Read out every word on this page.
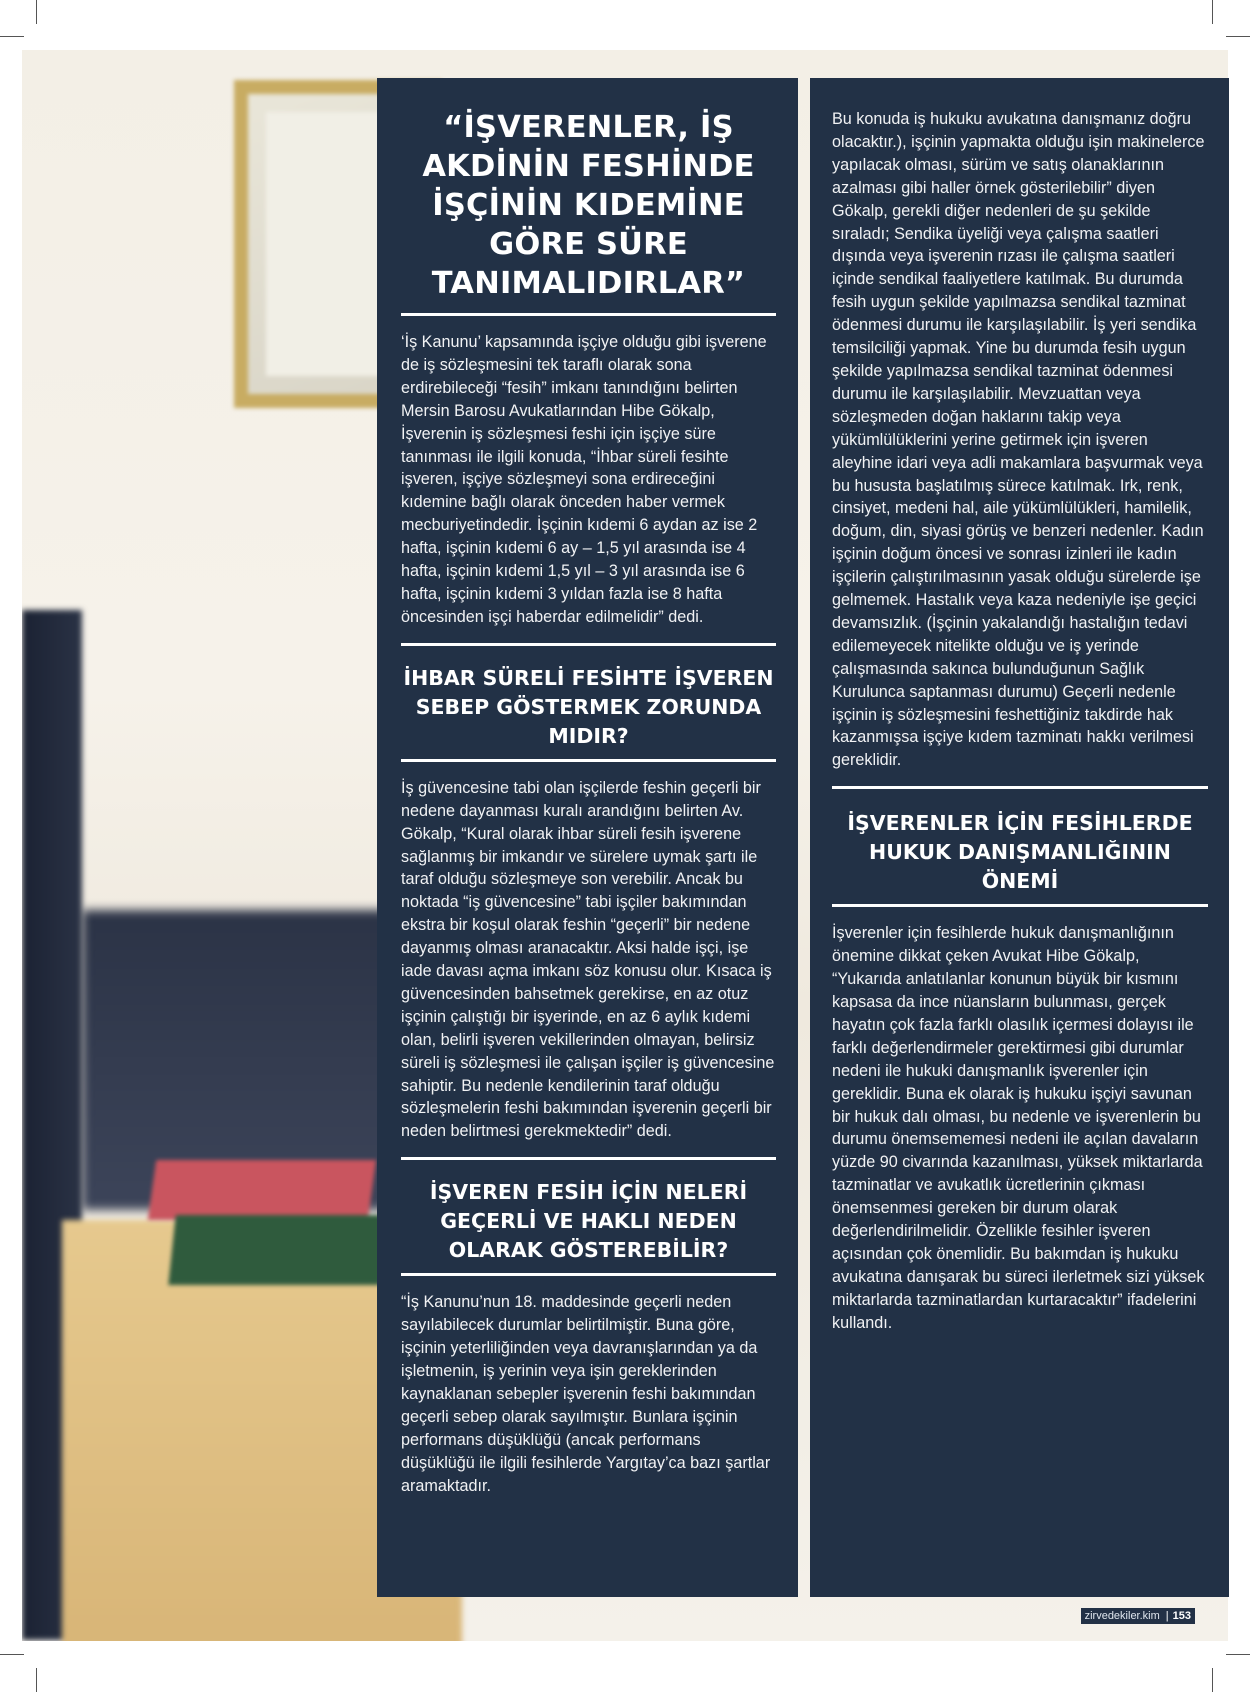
“İŞVERENLER, İŞ AKDİNİN FESHİNDE İŞÇİNİN KIDEMİNE GÖRE SÜRE TANIMALIDIRLAR”

‘İş Kanunu’ kapsamında işçiye olduğu gibi işverene de iş sözleşmesini tek taraflı olarak sona erdirebileceği “fesih” imkanı tanındığını belirten Mersin Barosu Avukatlarından Hibe Gökalp, İşverenin iş sözleşmesi feshi için işçiye süre tanınması ile ilgili konuda, “İhbar süreli fesihte işveren, işçiye sözleşmeyi sona erdireceğini kıdemine bağlı olarak önceden haber vermek mecburiyetindedir. İşçinin kıdemi 6 aydan az ise 2 hafta, işçinin kıdemi 6 ay – 1,5 yıl arasında ise 4 hafta, işçinin kıdemi 1,5 yıl – 3 yıl arasında ise 6 hafta, işçinin kıdemi 3 yıldan fazla ise 8 hafta öncesinden işçi haberdar edilmelidir” dedi.

İHBAR SÜRELİ FESİHTE İŞVEREN SEBEP GÖSTERMEK ZORUNDA MIDIR?

İş güvencesine tabi olan işçilerde feshin geçerli bir nedene dayanması kuralı arandığını belirten Av. Gökalp, “Kural olarak ihbar süreli fesih işverene sağlanmış bir imkandır ve sürelere uymak şartı ile taraf olduğu sözleşmeye son verebilir. Ancak bu noktada “iş güvencesine” tabi işçiler bakımından ekstra bir koşul olarak feshin “geçerli” bir nedene dayanmış olması aranacaktır. Aksi halde işçi, işe iade davası açma imkanı söz konusu olur. Kısaca iş güvencesinden bahsetmek gerekirse, en az otuz işçinin çalıştığı bir işyerinde, en az 6 aylık kıdemi olan, belirli işveren vekillerinden olmayan, belirsiz süreli iş sözleşmesi ile çalışan işçiler iş güvencesine sahiptir. Bu nedenle kendilerinin taraf olduğu sözleşmelerin feshi bakımından işverenin geçerli bir neden belirtmesi gerekmektedir” dedi.

İŞVEREN FESİH İÇİN NELERİ GEÇERLİ VE HAKLI NEDEN OLARAK GÖSTEREBİLİR?

“İş Kanunu’nun 18. maddesinde geçerli neden sayılabilecek durumlar belirtilmiştir. Buna göre, işçinin yeterliliğinden veya davranışlarından ya da işletmenin, iş yerinin veya işin gereklerinden kaynaklanan sebepler işverenin feshi bakımından geçerli sebep olarak sayılmıştır. Bunlara işçinin performans düşüklüğü (ancak performans düşüklüğü ile ilgili fesihlerde Yargıtay’ca bazı şartlar aramaktadır.

Bu konuda iş hukuku avukatına danışmanız doğru olacaktır.), işçinin yapmakta olduğu işin makinelerce yapılacak olması, sürüm ve satış olanaklarının azalması gibi haller örnek gösterilebilir” diyen Gökalp, gerekli diğer nedenleri de şu şekilde sıraladı; Sendika üyeliği veya çalışma saatleri dışında veya işverenin rızası ile çalışma saatleri içinde sendikal faaliyetlere katılmak. Bu durumda fesih uygun şekilde yapılmazsa sendikal tazminat ödenmesi durumu ile karşılaşılabilir. İş yeri sendika temsilciliği yapmak. Yine bu durumda fesih uygun şekilde yapılmazsa sendikal tazminat ödenmesi durumu ile karşılaşılabilir. Mevzuattan veya sözleşmeden doğan haklarını takip veya yükümlülüklerini yerine getirmek için işveren aleyhine idari veya adli makamlara başvurmak veya bu hususta başlatılmış sürece katılmak. Irk, renk, cinsiyet, medeni hal, aile yükümlülükleri, hamilelik, doğum, din, siyasi görüş ve benzeri nedenler. Kadın işçinin doğum öncesi ve sonrası izinleri ile kadın işçilerin çalıştırılmasının yasak olduğu sürelerde işe gelmemek. Hastalık veya kaza nedeniyle işe geçici devamsızlık. (İşçinin yakalandığı hastalığın tedavi edilemeyecek nitelikte olduğu ve iş yerinde çalışmasında sakınca bulunduğunun Sağlık Kurulunca saptanması durumu) Geçerli nedenle işçinin iş sözleşmesini feshettiğiniz takdirde hak kazanmışsa işçiye kıdem tazminatı hakkı verilmesi gereklidir.

İŞVERENLER İÇİN FESİHLERDE HUKUK DANIŞMANLIĞININ ÖNEMİ

İşverenler için fesihlerde hukuk danışmanlığının önemine dikkat çeken Avukat Hibe Gökalp, “Yukarıda anlatılanlar konunun büyük bir kısmını kapsasa da ince nüansların bulunması, gerçek hayatın çok fazla farklı olasılık içermesi dolayısı ile farklı değerlendirmeler gerektirmesi gibi durumlar nedeni ile hukuki danışmanlık işverenler için gereklidir. Buna ek olarak iş hukuku işçiyi savunan bir hukuk dalı olması, bu nedenle ve işverenlerin bu durumu önemsememesi nedeni ile açılan davaların yüzde 90 civarında kazanılması, yüksek miktarlarda tazminatlar ve avukatlık ücretlerinin çıkması önemsenmesi gereken bir durum olarak değerlendirilmelidir. Özellikle fesihler işveren açısından çok önemlidir. Bu bakımdan iş hukuku avukatına danışarak bu süreci ilerletmek sizi yüksek miktarlarda tazminatlardan kurtaracaktır” ifadelerini kullandı.

zirvedekiler.kim | 153
